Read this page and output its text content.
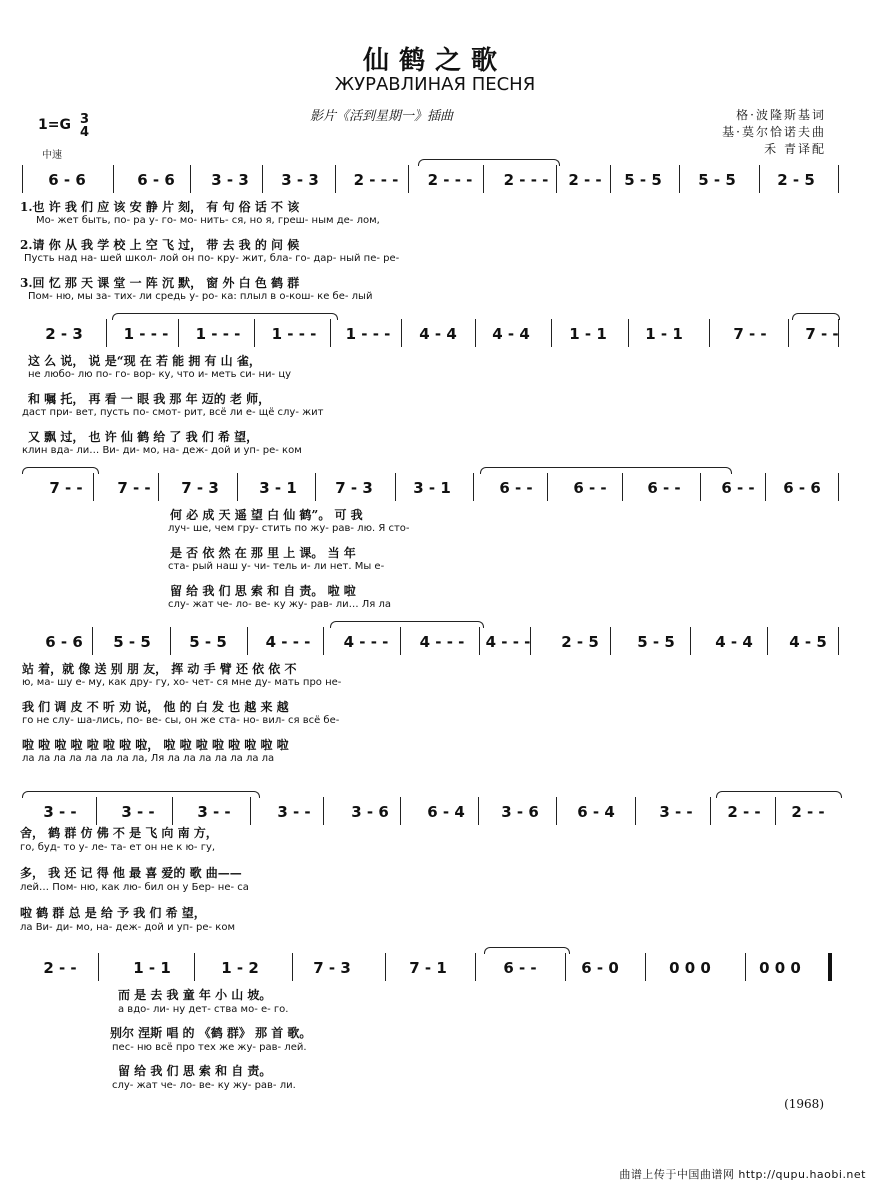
仙鹤之歌
ЖУРАВЛИНАЯ ПЕСНЯ
影片《活到星期一》插曲	格·波隆斯基词
基·莫尔恰诺夫曲
禾 青译配
1=G 3
4
中速
6 - 6	6 - 6	3 - 3	3 - 3	2 - - -	2 - - -	2 - - -	2 - -	5 - 5	5 - 5	2 - 5
1.也 许 我 们 应 该 安 静 片 刻， 有 句 俗 话 不 该
Мо- жет быть, по- ра у- го- мо- нить- ся, но я, греш- ным де- лом,
2.请 你 从 我 学 校 上 空 飞 过， 带 去 我 的 问 候
Пусть над на- шей школ- лой он по- кру- жит, бла- го- дар- ный пе- ре-
3.回 忆 那 天 课 堂 一 阵 沉 默， 窗 外 白 色 鹤 群
Пом- ню, мы за- тих- ли средь у- ро- ка: плыл в о-кош- ке бе- лый
2 - 3	1 - - -	1 - - -	1 - - -	1 - - -	4 - 4	4 - 4	1 - 1	1 - 1	7 - -	7 - -
这 么 说， 说 是“现 在 若 能 拥 有 山 雀，
не любо- лю по- го- вор- ку, что и- меть си- ни- цу
和 嘱 托， 再 看 一 眼 我 那 年 迈的 老 师，
даст при- вет, пусть по- смот- рит, всё ли е- щё слу- жит
又 飘 过， 也 许 仙 鹤 给 了 我 们 希 望，
клин вда- ли… Ви- ди- мо, на- деж- дой и уп- ре- ком
7 - -	7 - -	7 - 3	3 - 1	7 - 3	3 - 1	6 - -	6 - -	6 - -	6 - -	6 - 6
何 必 成 天 遥 望 白 仙 鹤”。 可 我
луч- ше, чем гру- стить по жу- рав- лю. Я сто-
是 否 依 然 在 那 里 上 课。 当 年
ста- рый наш у- чи- тель и- ли нет. Мы е-
留 给 我 们 思 索 和 自 责。 啦 啦
слу- жат че- ло- ве- ку жу- рав- ли… Ля ла
6 - 6	5 - 5	5 - 5	4 - - -	4 - - -	4 - - -	4 - - -	2 - 5	5 - 5	4 - 4	4 - 5
站 着，就 像 送 别 朋 友， 挥 动 手 臂 还 依 依 不
ю, ма- шу е- му, как дру- гу, хо- чет- ся мне ду- мать про не-
我 们 调 皮 不 听 劝 说， 他 的 白 发 也 越 来 越
го не слу- ша-лись, по- ве- сы, он же ста- но- вил- ся всё бе-
啦 啦 啦 啦 啦 啦 啦 啦， 啦 啦 啦 啦 啦 啦 啦 啦
ла ла ла ла ла ла ла ла, Ля ла ла ла ла ла ла ла
3 - -	3 - -	3 - -	3 - -	3 - 6	6 - 4	3 - 6	6 - 4	3 - -	2 - -	2 - -
舍， 鹤 群 仿 佛 不 是 飞 向 南 方，
го, буд- то у- ле- та- ет он не к ю- гу,
多， 我 还 记 得 他 最 喜 爱的 歌 曲——
лей… Пом- ню, как лю- бил он у Бер- не- са
啦 鹤 群 总 是 给 予 我 们 希 望，
ла Ви- ди- мо, на- деж- дой и уп- ре- ком
2 - -	1 - 1	1 - 2	7 - 3	7 - 1	6 - -	6 - 0	0 0 0	0 0 0
而 是 去 我 童 年 小 山 坡。
а вдо- ли- ну дет- ства мо- е- го.
别尔 涅斯 唱 的 《鹤 群》 那 首 歌。
пес- ню всё про тех же жу- рав- лей.
留 给 我 们 思 索 和 自 责。
слу- жат че- ло- ве- ку жу- рав- ли.
(1968)
曲谱上传于中国曲谱网 http://qupu.haobi.net
